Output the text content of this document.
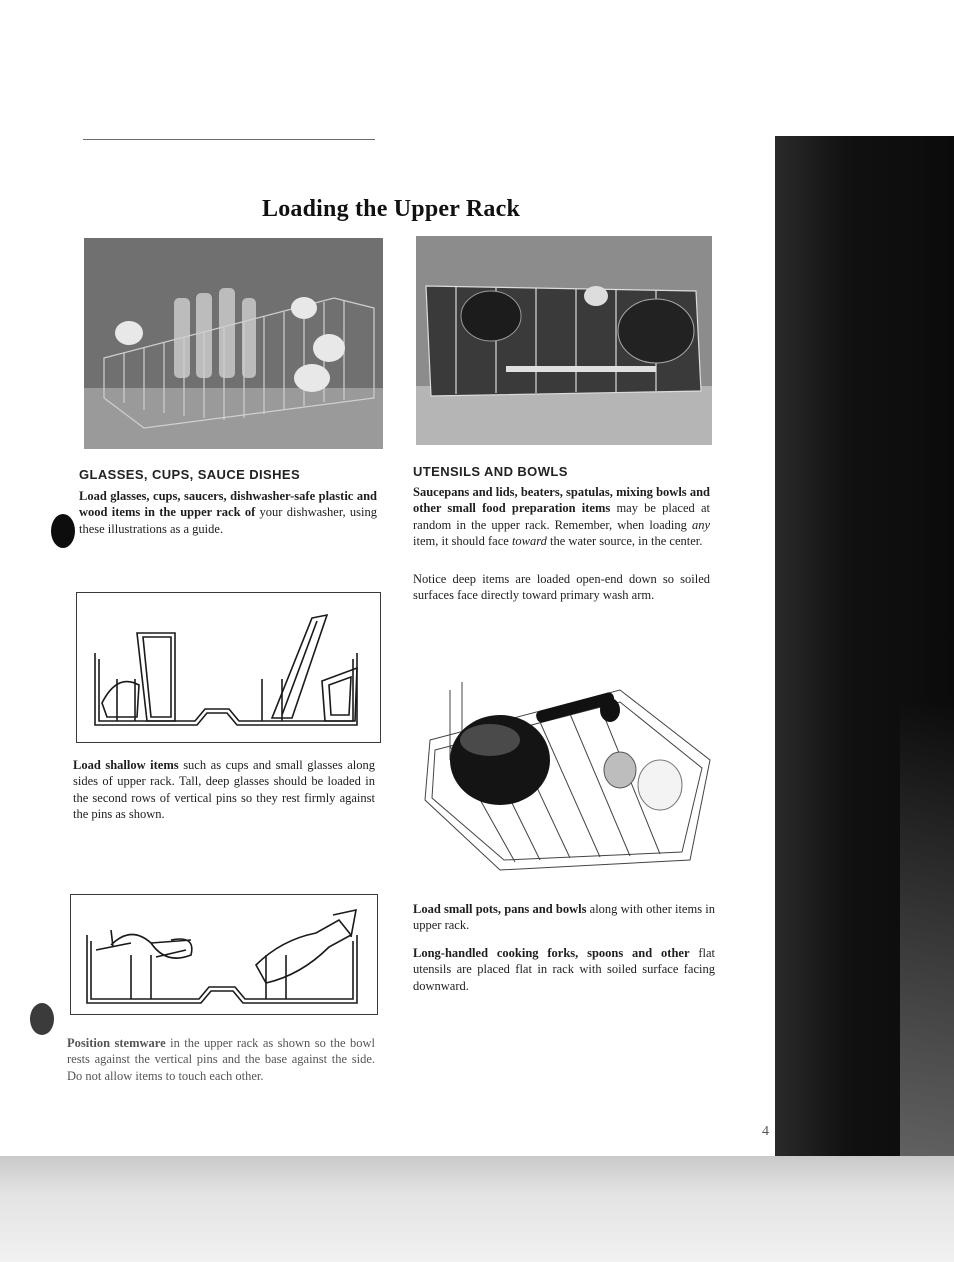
Loading the Upper Rack
GLASSES, CUPS, SAUCE DISHES
Load glasses, cups, saucers, dishwasher-safe plastic and wood items in the upper rack of your dishwasher, using these illustrations as a guide.
Load shallow items such as cups and small glasses along sides of upper rack. Tall, deep glasses should be loaded in the second rows of vertical pins so they rest firmly against the pins as shown.
Position stemware in the upper rack as shown so the bowl rests against the vertical pins and the base against the side. Do not allow items to touch each other.
UTENSILS AND BOWLS
Saucepans and lids, beaters, spatulas, mixing bowls and other small food preparation items may be placed at random in the upper rack. Remember, when loading any item, it should face toward the water source, in the center.
Notice deep items are loaded open-end down so soiled surfaces face directly toward primary wash arm.
Load small pots, pans and bowls along with other items in upper rack.
Long-handled cooking forks, spoons and other flat utensils are placed flat in rack with soiled surface facing downward.
4
